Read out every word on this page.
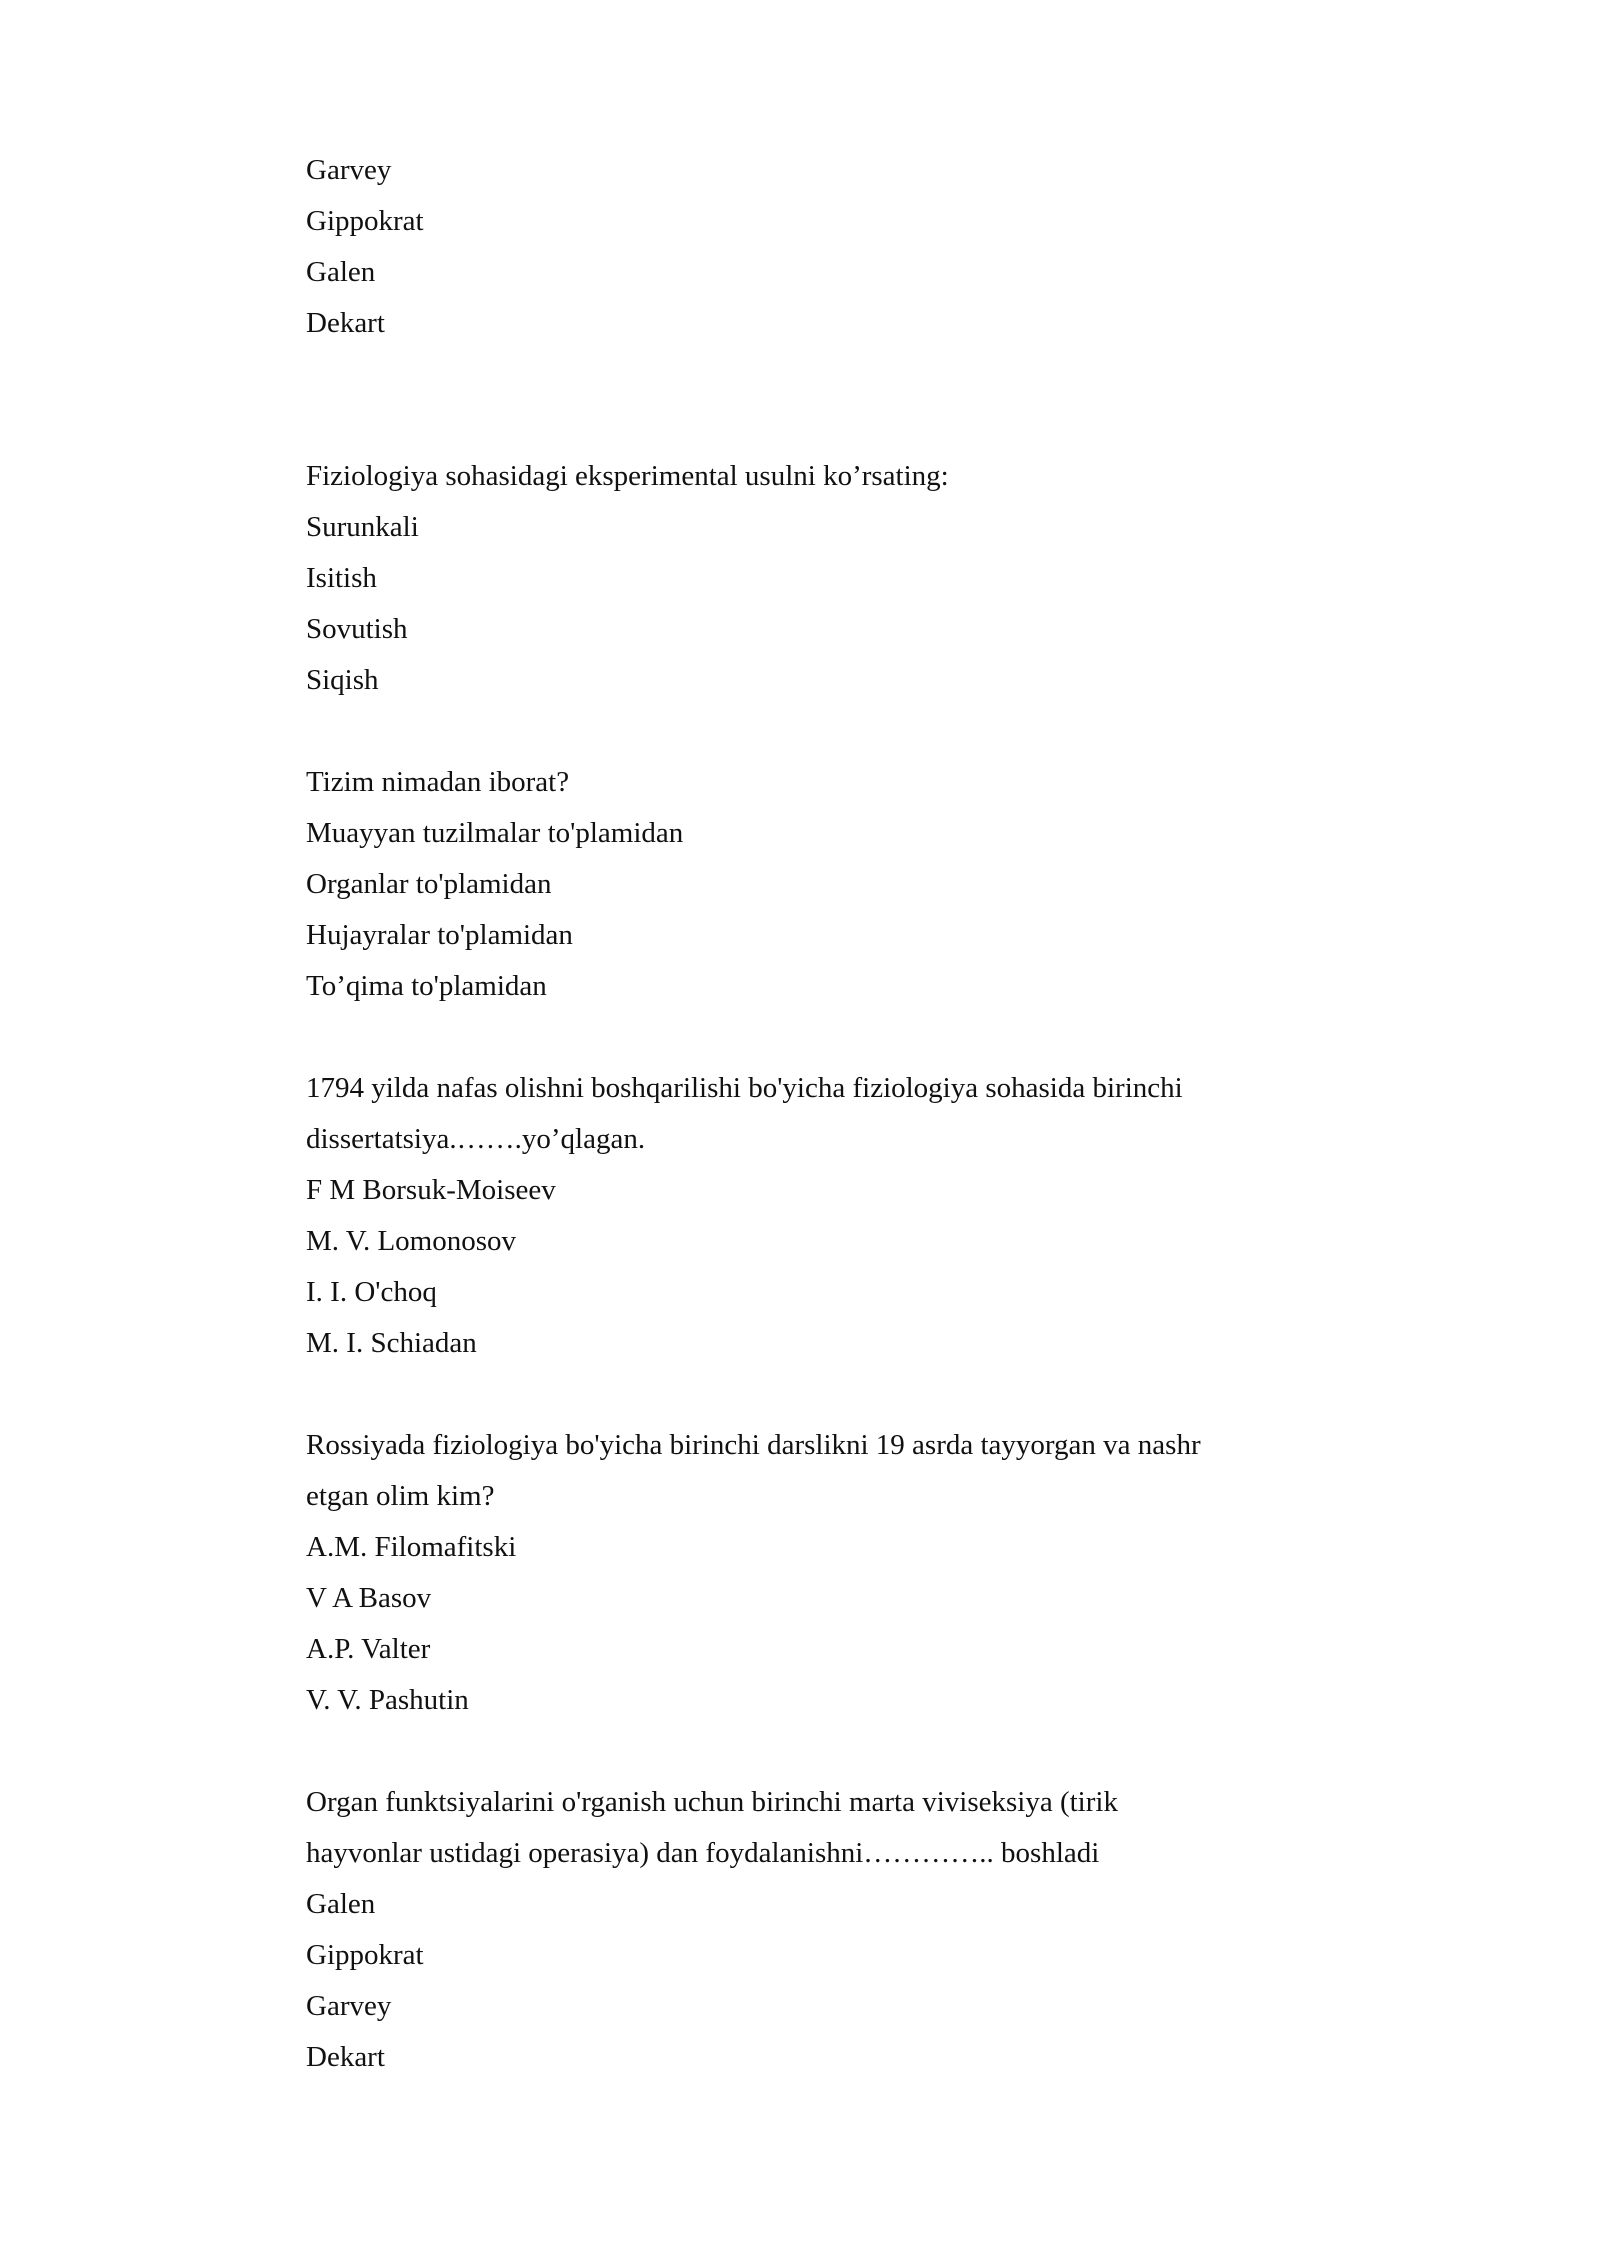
Garvey
Gippokrat
Galen
Dekart
Fiziologiya sohasidagi eksperimental usulni ko’rsating:
Surunkali
Isitish
Sovutish
Siqish
Tizim nimadan iborat?
Muayyan tuzilmalar to'plamidan
Organlar to'plamidan
Hujayralar to'plamidan
To’qima to'plamidan
1794 yilda nafas olishni boshqarilishi bo'yicha fiziologiya sohasida birinchi
dissertatsiya.…….yo’qlagan.
F M Borsuk-Moiseev
M. V. Lomonosov
I. I. O'choq
M. I. Schiadan
Rossiyada fiziologiya bo'yicha birinchi darslikni 19 asrda tayyorgan va nashr
etgan olim kim?
A.M. Filomafitski
V A Basov
A.P. Valter
V. V. Pashutin
Organ funktsiyalarini o'rganish uchun birinchi marta viviseksiya (tirik
hayvonlar ustidagi operasiya) dan foydalanishni………….. boshladi
Galen
Gippokrat
Garvey
Dekart
